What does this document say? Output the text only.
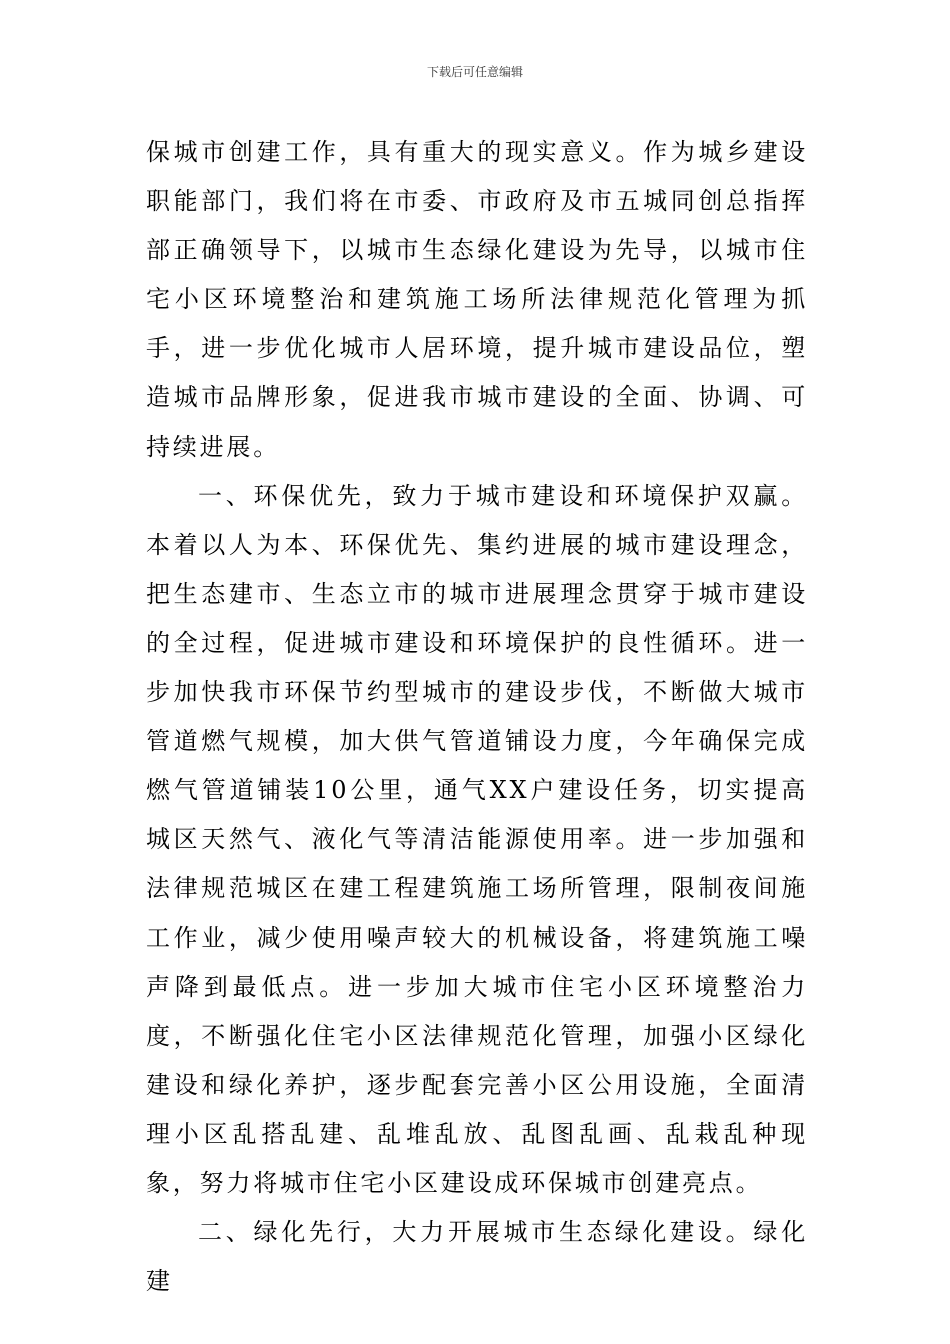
下载后可任意编辑

保城市创建工作，具有重大的现实意义。作为城乡建设职能部门，我们将在市委、市政府及市五城同创总指挥部正确领导下，以城市生态绿化建设为先导，以城市住宅小区环境整治和建筑施工场所法律规范化管理为抓手，进一步优化城市人居环境，提升城市建设品位，塑造城市品牌形象，促进我市城市建设的全面、协调、可持续进展。

一、环保优先，致力于城市建设和环境保护双赢。本着以人为本、环保优先、集约进展的城市建设理念，把生态建市、生态立市的城市进展理念贯穿于城市建设的全过程，促进城市建设和环境保护的良性循环。进一步加快我市环保节约型城市的建设步伐，不断做大城市管道燃气规模，加大供气管道铺设力度，今年确保完成燃气管道铺装10公里，通气XX户建设任务，切实提高城区天然气、液化气等清洁能源使用率。进一步加强和法律规范城区在建工程建筑施工场所管理，限制夜间施工作业，减少使用噪声较大的机械设备，将建筑施工噪声降到最低点。进一步加大城市住宅小区环境整治力度，不断强化住宅小区法律规范化管理，加强小区绿化建设和绿化养护，逐步配套完善小区公用设施，全面清理小区乱搭乱建、乱堆乱放、乱图乱画、乱栽乱种现象，努力将城市住宅小区建设成环保城市创建亮点。

二、绿化先行，大力开展城市生态绿化建设。绿化建
